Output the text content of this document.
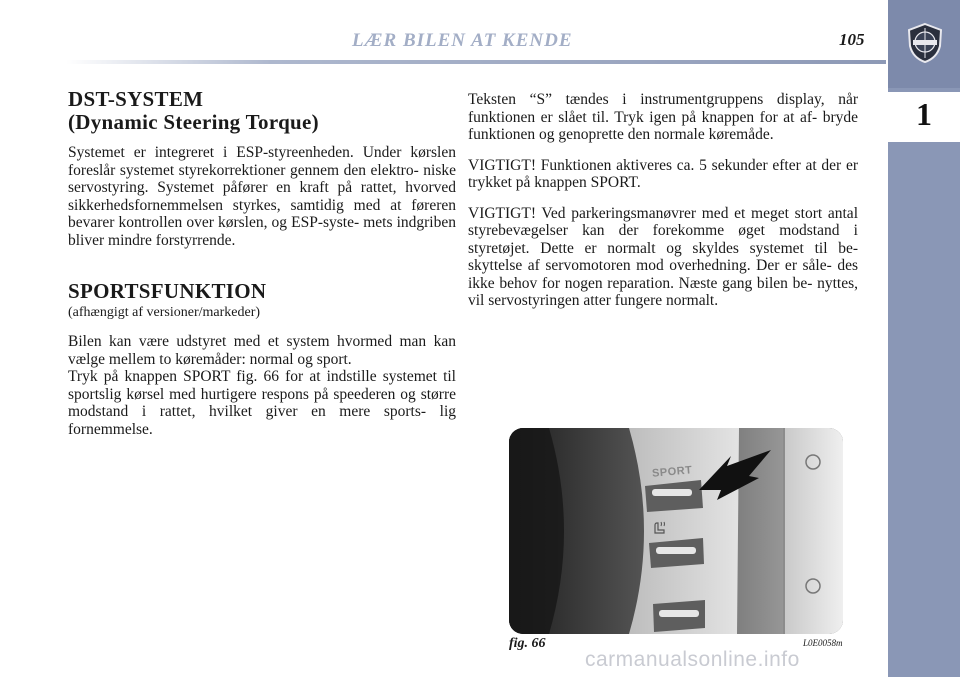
LÆR BILEN AT KENDE	105
1
DST-SYSTEM
(Dynamic Steering Torque)

Systemet er integreret i ESP-styreenheden. Under kørslen foreslår systemet styrekorrektioner gennem den elektro- niske servostyring. Systemet påfører en kraft på rattet, hvorved sikkerhedsfornemmelsen styrkes, samtidig med at føreren bevarer kontrollen over kørslen, og ESP-syste- mets indgriben bliver mindre forstyrrende.

SPORTSFUNKTION
(afhængigt af versioner/markeder)

Bilen kan være udstyret med et system hvormed man kan vælge mellem to køremåder: normal og sport.

Tryk på knappen SPORT fig. 66 for at indstille systemet til sportslig kørsel med hurtigere respons på speederen og større modstand i rattet, hvilket giver en mere sports- lig fornemmelse.

Teksten “S” tændes i instrumentgruppens display, når funktionen er slået til. Tryk igen på knappen for at af- bryde funktionen og genoprette den normale køremåde.

VIGTIGT! Funktionen aktiveres ca. 5 sekunder efter at der er trykket på knappen SPORT.

VIGTIGT! Ved parkeringsmanøvrer med et meget stort antal styrebevægelser kan der forekomme øget modstand i styretøjet. Dette er normalt og skyldes systemet til be- skyttelse af servomotoren mod overhedning. Der er såle- des ikke behov for nogen reparation. Næste gang bilen be- nyttes, vil servostyringen atter fungere normalt.

SPORT
fig. 66	L0E0058m
carmanualsonline.info
